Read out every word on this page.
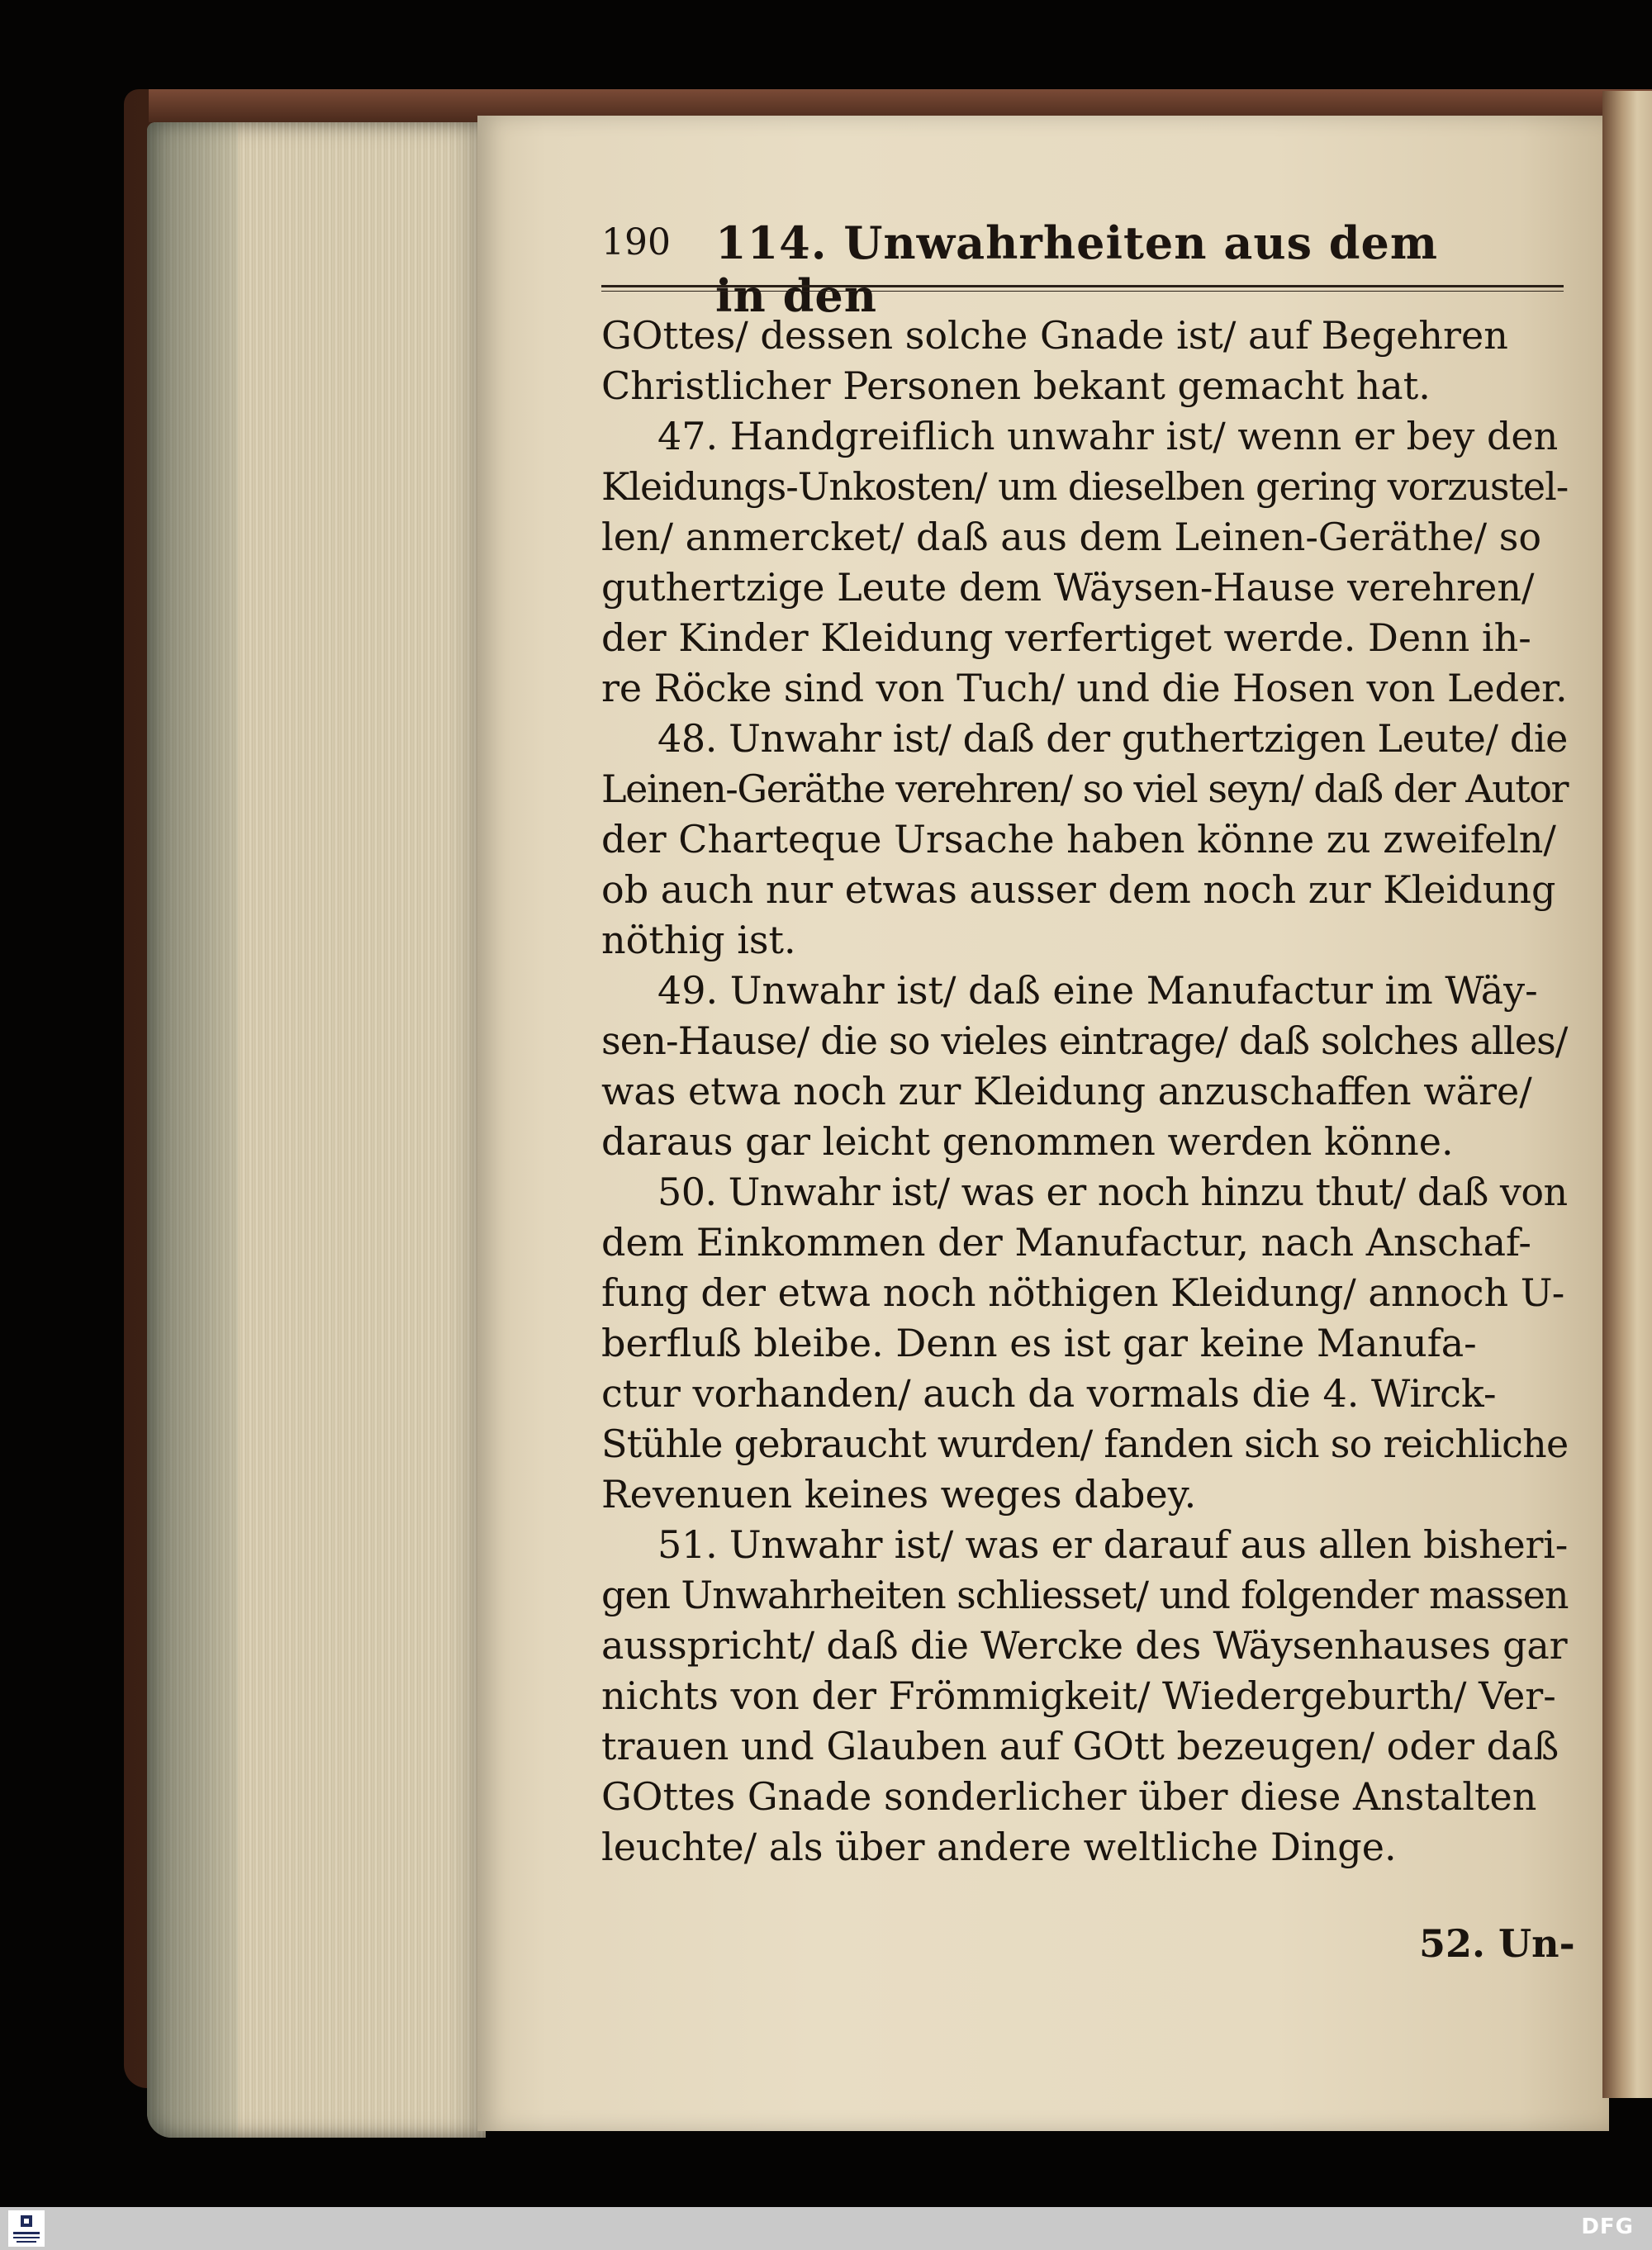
190 114. Unwahrheiten aus dem in den
GOttes/ dessen solche Gnade ist/ auf Begehren
Christlicher Personen bekant gemacht hat.
47. Handgreiflich unwahr ist/ wenn er bey den
Kleidungs-Unkosten/ um dieselben gering vorzustel-
len/ anmercket/ daß aus dem Leinen-Geräthe/ so
guthertzige Leute dem Wäysen-Hause verehren/
der Kinder Kleidung verfertiget werde. Denn ih-
re Röcke sind von Tuch/ und die Hosen von Leder.
48. Unwahr ist/ daß der guthertzigen Leute/ die
Leinen-Geräthe verehren/ so viel seyn/ daß der Autor
der Charteque Ursache haben könne zu zweifeln/
ob auch nur etwas ausser dem noch zur Kleidung
nöthig ist.
49. Unwahr ist/ daß eine Manufactur im Wäy-
sen-Hause/ die so vieles eintrage/ daß solches alles/
was etwa noch zur Kleidung anzuschaffen wäre/
daraus gar leicht genommen werden könne.
50. Unwahr ist/ was er noch hinzu thut/ daß von
dem Einkommen der Manufactur, nach Anschaf-
fung der etwa noch nöthigen Kleidung/ annoch U-
berfluß bleibe. Denn es ist gar keine Manufa-
ctur vorhanden/ auch da vormals die 4. Wirck-
Stühle gebraucht wurden/ fanden sich so reichliche
Revenuen keines weges dabey.
51. Unwahr ist/ was er darauf aus allen bisheri-
gen Unwahrheiten schliesset/ und folgender massen
ausspricht/ daß die Wercke des Wäysenhauses gar
nichts von der Frömmigkeit/ Wiedergeburth/ Ver-
trauen und Glauben auf GOtt bezeugen/ oder daß
GOttes Gnade sonderlicher über diese Anstalten
leuchte/ als über andere weltliche Dinge.
52. Un-
DFG
